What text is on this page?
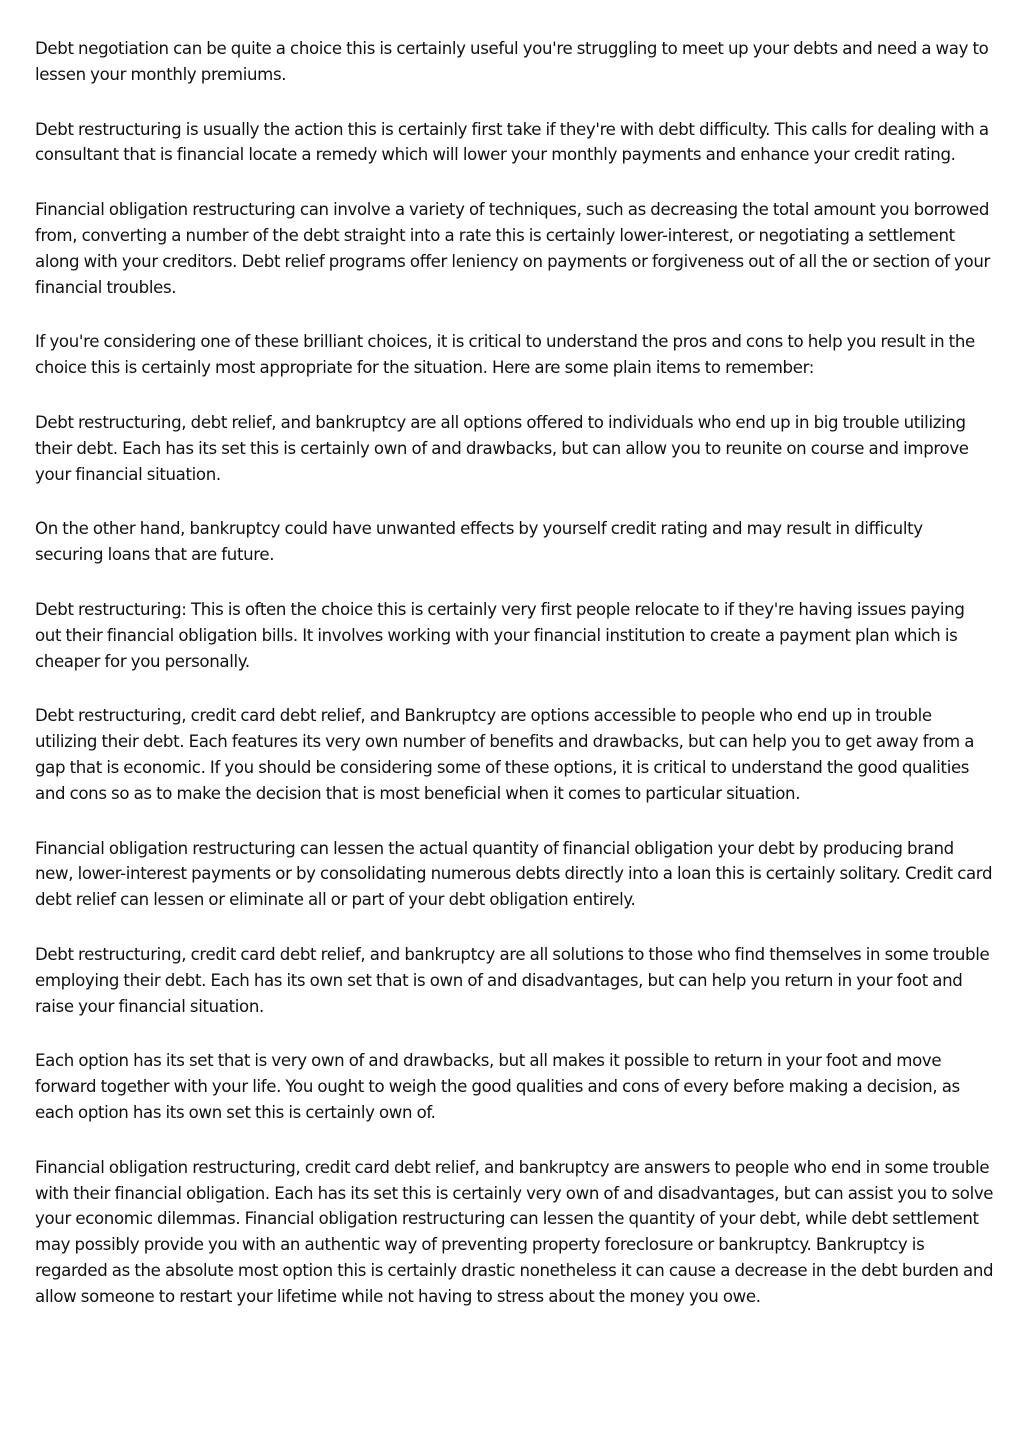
Debt negotiation can be quite a choice this is certainly useful you're struggling to meet up your debts and need a way to lessen your monthly premiums.

Debt restructuring is usually the action this is certainly first take if they're with debt difficulty. This calls for dealing with a consultant that is financial locate a remedy which will lower your monthly payments and enhance your credit rating.

Financial obligation restructuring can involve a variety of techniques, such as decreasing the total amount you borrowed from, converting a number of the debt straight into a rate this is certainly lower-interest, or negotiating a settlement along with your creditors. Debt relief programs offer leniency on payments or forgiveness out of all the or section of your financial troubles.

If you're considering one of these brilliant choices, it is critical to understand the pros and cons to help you result in the choice this is certainly most appropriate for the situation. Here are some plain items to remember:

Debt restructuring, debt relief, and bankruptcy are all options offered to individuals who end up in big trouble utilizing their debt. Each has its set this is certainly own of and drawbacks, but can allow you to reunite on course and improve your financial situation.

On the other hand, bankruptcy could have unwanted effects by yourself credit rating and may result in difficulty securing loans that are future.

Debt restructuring: This is often the choice this is certainly very first people relocate to if they're having issues paying out their financial obligation bills. It involves working with your financial institution to create a payment plan which is cheaper for you personally.

Debt restructuring, credit card debt relief, and Bankruptcy are options accessible to people who end up in trouble utilizing their debt. Each features its very own number of benefits and drawbacks, but can help you to get away from a gap that is economic. If you should be considering some of these options, it is critical to understand the good qualities and cons so as to make the decision that is most beneficial when it comes to particular situation.

Financial obligation restructuring can lessen the actual quantity of financial obligation your debt by producing brand new, lower-interest payments or by consolidating numerous debts directly into a loan this is certainly solitary. Credit card debt relief can lessen or eliminate all or part of your debt obligation entirely.

Debt restructuring, credit card debt relief, and bankruptcy are all solutions to those who find themselves in some trouble employing their debt. Each has its own set that is own of and disadvantages, but can help you return in your foot and raise your financial situation.

Each option has its set that is very own of and drawbacks, but all makes it possible to return in your foot and move forward together with your life. You ought to weigh the good qualities and cons of every before making a decision, as each option has its own set this is certainly own of.

Financial obligation restructuring, credit card debt relief, and bankruptcy are answers to people who end in some trouble with their financial obligation. Each has its set this is certainly very own of and disadvantages, but can assist you to solve your economic dilemmas. Financial obligation restructuring can lessen the quantity of your debt, while debt settlement may possibly provide you with an authentic way of preventing property foreclosure or bankruptcy. Bankruptcy is regarded as the absolute most option this is certainly drastic nonetheless it can cause a decrease in the debt burden and allow someone to restart your lifetime while not having to stress about the money you owe.
